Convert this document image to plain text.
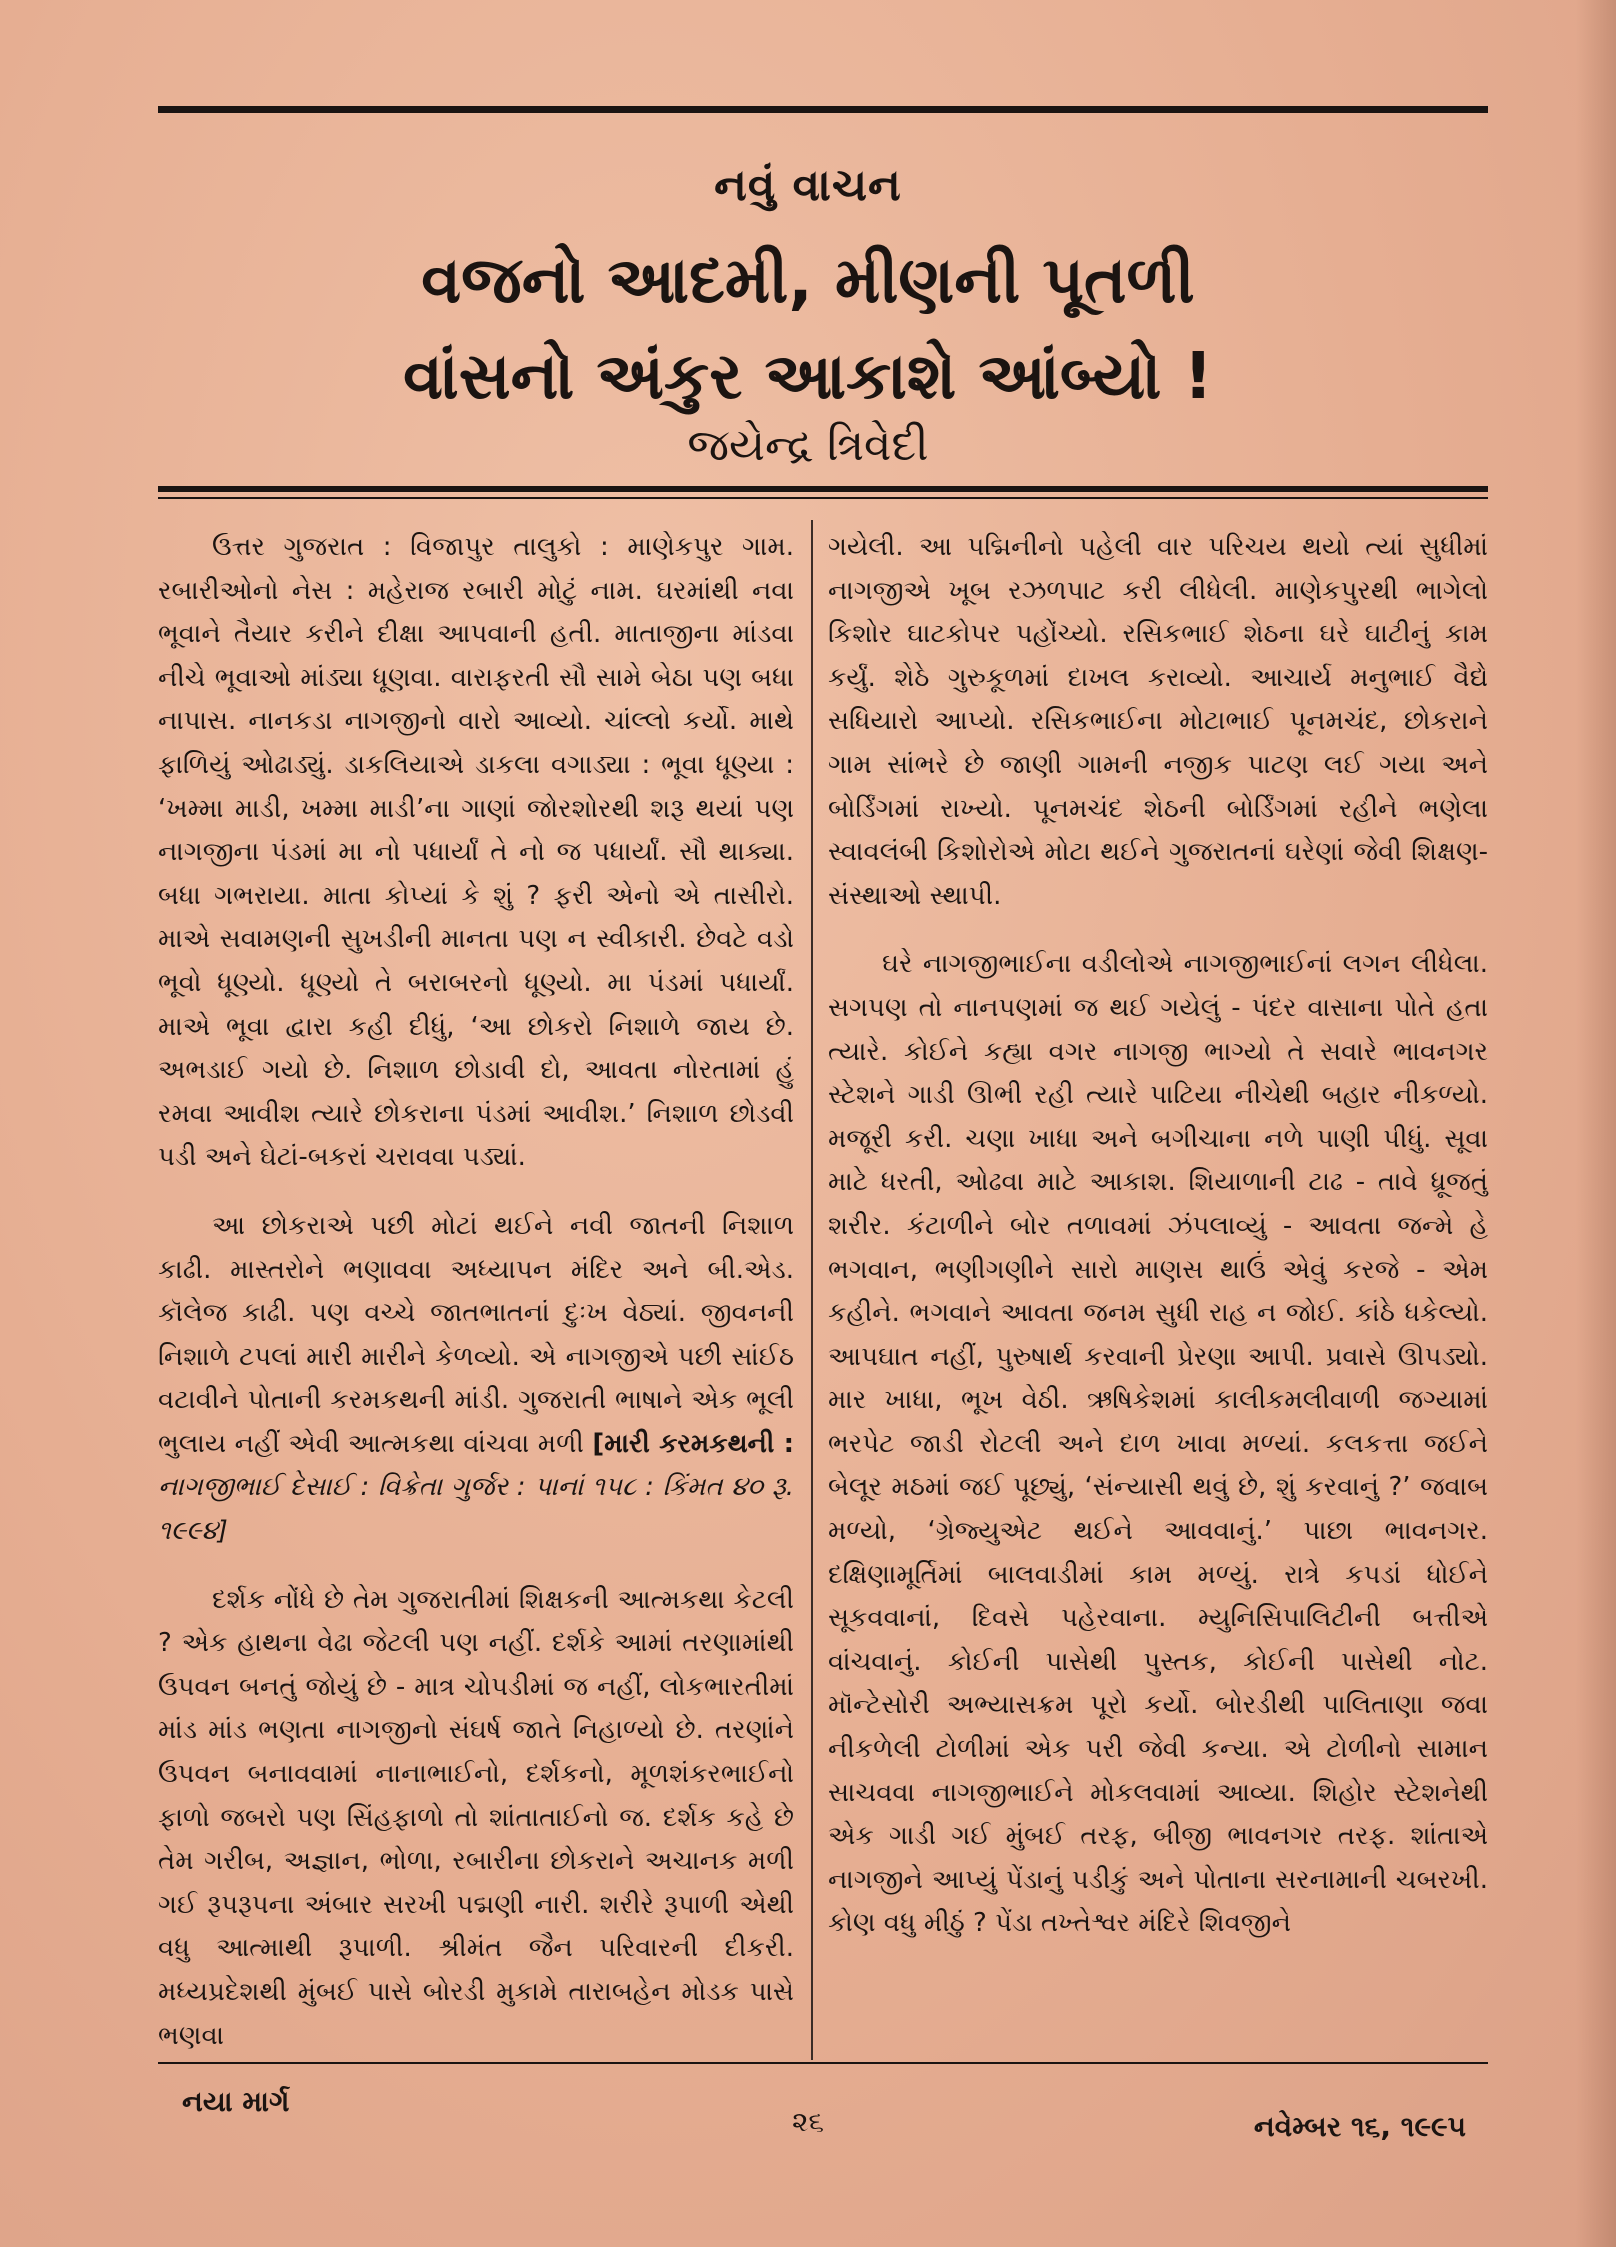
નવું વાચન
વજનો આદમી, મીણની પૂતળી
વાંસનો અંકુર આકાશે આંબ્યો !
જયેન્દ્ર ત્રિવેદી

ઉત્તર ગુજરાત : વિજાપુર તાલુકો : માણેકપુર ગામ. રબારીઓનો નેસ : મહેરાજ રબારી મોટું નામ. ઘરમાંથી નવા ભૂવાને તૈયાર કરીને દીક્ષા આપવાની હતી. માતાજીના માંડવા નીચે ભૂવાઓ માંડ્યા ધૂણવા. વારાફરતી સૌ સામે બેઠા પણ બધા નાપાસ. નાનકડા નાગજીનો વારો આવ્યો. ચાંલ્લો કર્યો. માથે ફાળિયું ઓઢાડ્યું. ડાકલિયાએ ડાકલા વગાડ્યા : ભૂવા ધૂણ્યા : ‘ખમ્મા માડી, ખમ્મા માડી’ના ગાણાં જોરશોરથી શરૂ થયાં પણ નાગજીના પંડમાં મા નો પધાર્યાં તે નો જ પધાર્યાં. સૌ થાક્યા. બધા ગભરાયા. માતા કોપ્યાં કે શું ? ફરી એનો એ તાસીરો. માએ સવામણની સુખડીની માનતા પણ ન સ્વીકારી. છેવટે વડો ભૂવો ધૂણ્યો. ધૂણ્યો તે બરાબરનો ધૂણ્યો. મા પંડમાં પધાર્યાં. માએ ભૂવા દ્વારા કહી દીધું, ‘આ છોકરો નિશાળે જાય છે. અભડાઈ ગયો છે. નિશાળ છોડાવી દો, આવતા નોરતામાં હું રમવા આવીશ ત્યારે છોકરાના પંડમાં આવીશ.’ નિશાળ છોડવી પડી અને ઘેટાં-બકરાં ચરાવવા પડ્યાં.

આ છોકરાએ પછી મોટાં થઈને નવી જાતની નિશાળ કાઢી. માસ્તરોને ભણાવવા અધ્યાપન મંદિર અને બી.એડ. કૉલેજ કાઢી. પણ વચ્ચે જાતભાતનાં દુઃખ વેઠ્યાં. જીવનની નિશાળે ટપલાં મારી મારીને કેળવ્યો. એ નાગજીએ પછી સાંઈઠ વટાવીને પોતાની કરમકથની માંડી. ગુજરાતી ભાષાને એક ભૂલી ભુલાય નહીં એવી આત્મકથા વાંચવા મળી [મારી કરમકથની : નાગજીભાઈ દેસાઈ : વિક્રેતા ગુર્જર : પાનાં ૧૫૮ : કિંમત ૪૦ રૂ. ૧૯૯૪]

દર્શક નોંધે છે તેમ ગુજરાતીમાં શિક્ષકની આત્મકથા કેટલી ? એક હાથના વેઢા જેટલી પણ નહીં. દર્શકે આમાં તરણામાંથી ઉપવન બનતું જોયું છે - માત્ર ચોપડીમાં જ નહીં, લોકભારતીમાં માંડ માંડ ભણતા નાગજીનો સંઘર્ષ જાતે નિહાળ્યો છે. તરણાંને ઉપવન બનાવવામાં નાનાભાઈનો, દર્શકનો, મૂળશંકરભાઈનો ફાળો જબરો પણ સિંહફાળો તો શાંતાતાઈનો જ. દર્શક કહે છે તેમ ગરીબ, અજ્ઞાન, ભોળા, રબારીના છોકરાને અચાનક મળી ગઈ રૂપરૂપના અંબાર સરખી પદ્મણી નારી. શરીરે રૂપાળી એથી વધુ આત્માથી રૂપાળી. શ્રીમંત જૈન પરિવારની દીકરી. મધ્યપ્રદેશથી મુંબઈ પાસે બોરડી મુકામે તારાબહેન મોડક પાસે ભણવા

ગયેલી. આ પદ્મિનીનો પહેલી વાર પરિચય થયો ત્યાં સુધીમાં નાગજીએ ખૂબ રઝળપાટ કરી લીધેલી. માણેકપુરથી ભાગેલો કિશોર ઘાટકોપર પહોંચ્યો. રસિકભાઈ શેઠના ઘરે ઘાટીનું કામ કર્યું. શેઠે ગુરુકૂળમાં દાખલ કરાવ્યો. આચાર્ય મનુભાઈ વૈદ્યે સધિયારો આપ્યો. રસિકભાઈના મોટાભાઈ પૂનમચંદ, છોકરાને ગામ સાંભરે છે જાણી ગામની નજીક પાટણ લઈ ગયા અને બોર્ડિંગમાં રાખ્યો. પૂનમચંદ શેઠની બોર્ડિંગમાં રહીને ભણેલા સ્વાવલંબી કિશોરોએ મોટા થઈને ગુજરાતનાં ઘરેણાં જેવી શિક્ષણ-સંસ્થાઓ સ્થાપી.

ઘરે નાગજીભાઈના વડીલોએ નાગજીભાઈનાં લગન લીધેલા. સગપણ તો નાનપણમાં જ થઈ ગયેલું - પંદર વાસાના પોતે હતા ત્યારે. કોઈને કહ્યા વગર નાગજી ભાગ્યો તે સવારે ભાવનગર સ્ટેશને ગાડી ઊભી રહી ત્યારે પાટિયા નીચેથી બહાર નીકળ્યો. મજૂરી કરી. ચણા ખાધા અને બગીચાના નળે પાણી પીધું. સૂવા માટે ધરતી, ઓઢવા માટે આકાશ. શિયાળાની ટાઢ - તાવે ધ્રૂજતું શરીર. કંટાળીને બોર તળાવમાં ઝંપલાવ્યું - આવતા જન્મે હે ભગવાન, ભણીગણીને સારો માણસ થાઉં એવું કરજે - એમ કહીને. ભગવાને આવતા જનમ સુધી રાહ ન જોઈ. કાંઠે ધકેલ્યો. આપઘાત નહીં, પુરુષાર્થ કરવાની પ્રેરણા આપી. પ્રવાસે ઊપડ્યો. માર ખાધા, ભૂખ વેઠી. ઋષિકેશમાં કાલીકમલીવાળી જગ્યામાં ભરપેટ જાડી રોટલી અને દાળ ખાવા મળ્યાં. કલકત્તા જઈને બેલૂર મઠમાં જઈ પૂછ્યું, ‘સંન્યાસી થવું છે, શું કરવાનું ?’ જવાબ મળ્યો, ‘ગ્રેજ્યુએટ થઈને આવવાનું.’ પાછા ભાવનગર. દક્ષિણામૂર્તિમાં બાલવાડીમાં કામ મળ્યું. રાત્રે કપડાં ધોઈને સૂકવવાનાં, દિવસે પહેરવાના. મ્યુનિસિપાલિટીની બત્તીએ વાંચવાનું. કોઈની પાસેથી પુસ્તક, કોઈની પાસેથી નોટ. મૉન્ટેસોરી અભ્યાસક્રમ પૂરો કર્યો. બોરડીથી પાલિતાણા જવા નીકળેલી ટોળીમાં એક પરી જેવી કન્યા. એ ટોળીનો સામાન સાચવવા નાગજીભાઈને મોકલવામાં આવ્યા. શિહોર સ્ટેશનેથી એક ગાડી ગઈ મુંબઈ તરફ, બીજી ભાવનગર તરફ. શાંતાએ નાગજીને આપ્યું પેંડાનું પડીકું અને પોતાના સરનામાની ચબરખી. કોણ વધુ મીઠું ? પેંડા તખ્તેશ્વર મંદિરે શિવજીને

નયા માર્ગ
૨૬	નવેમ્બર ૧૬, ૧૯૯૫
